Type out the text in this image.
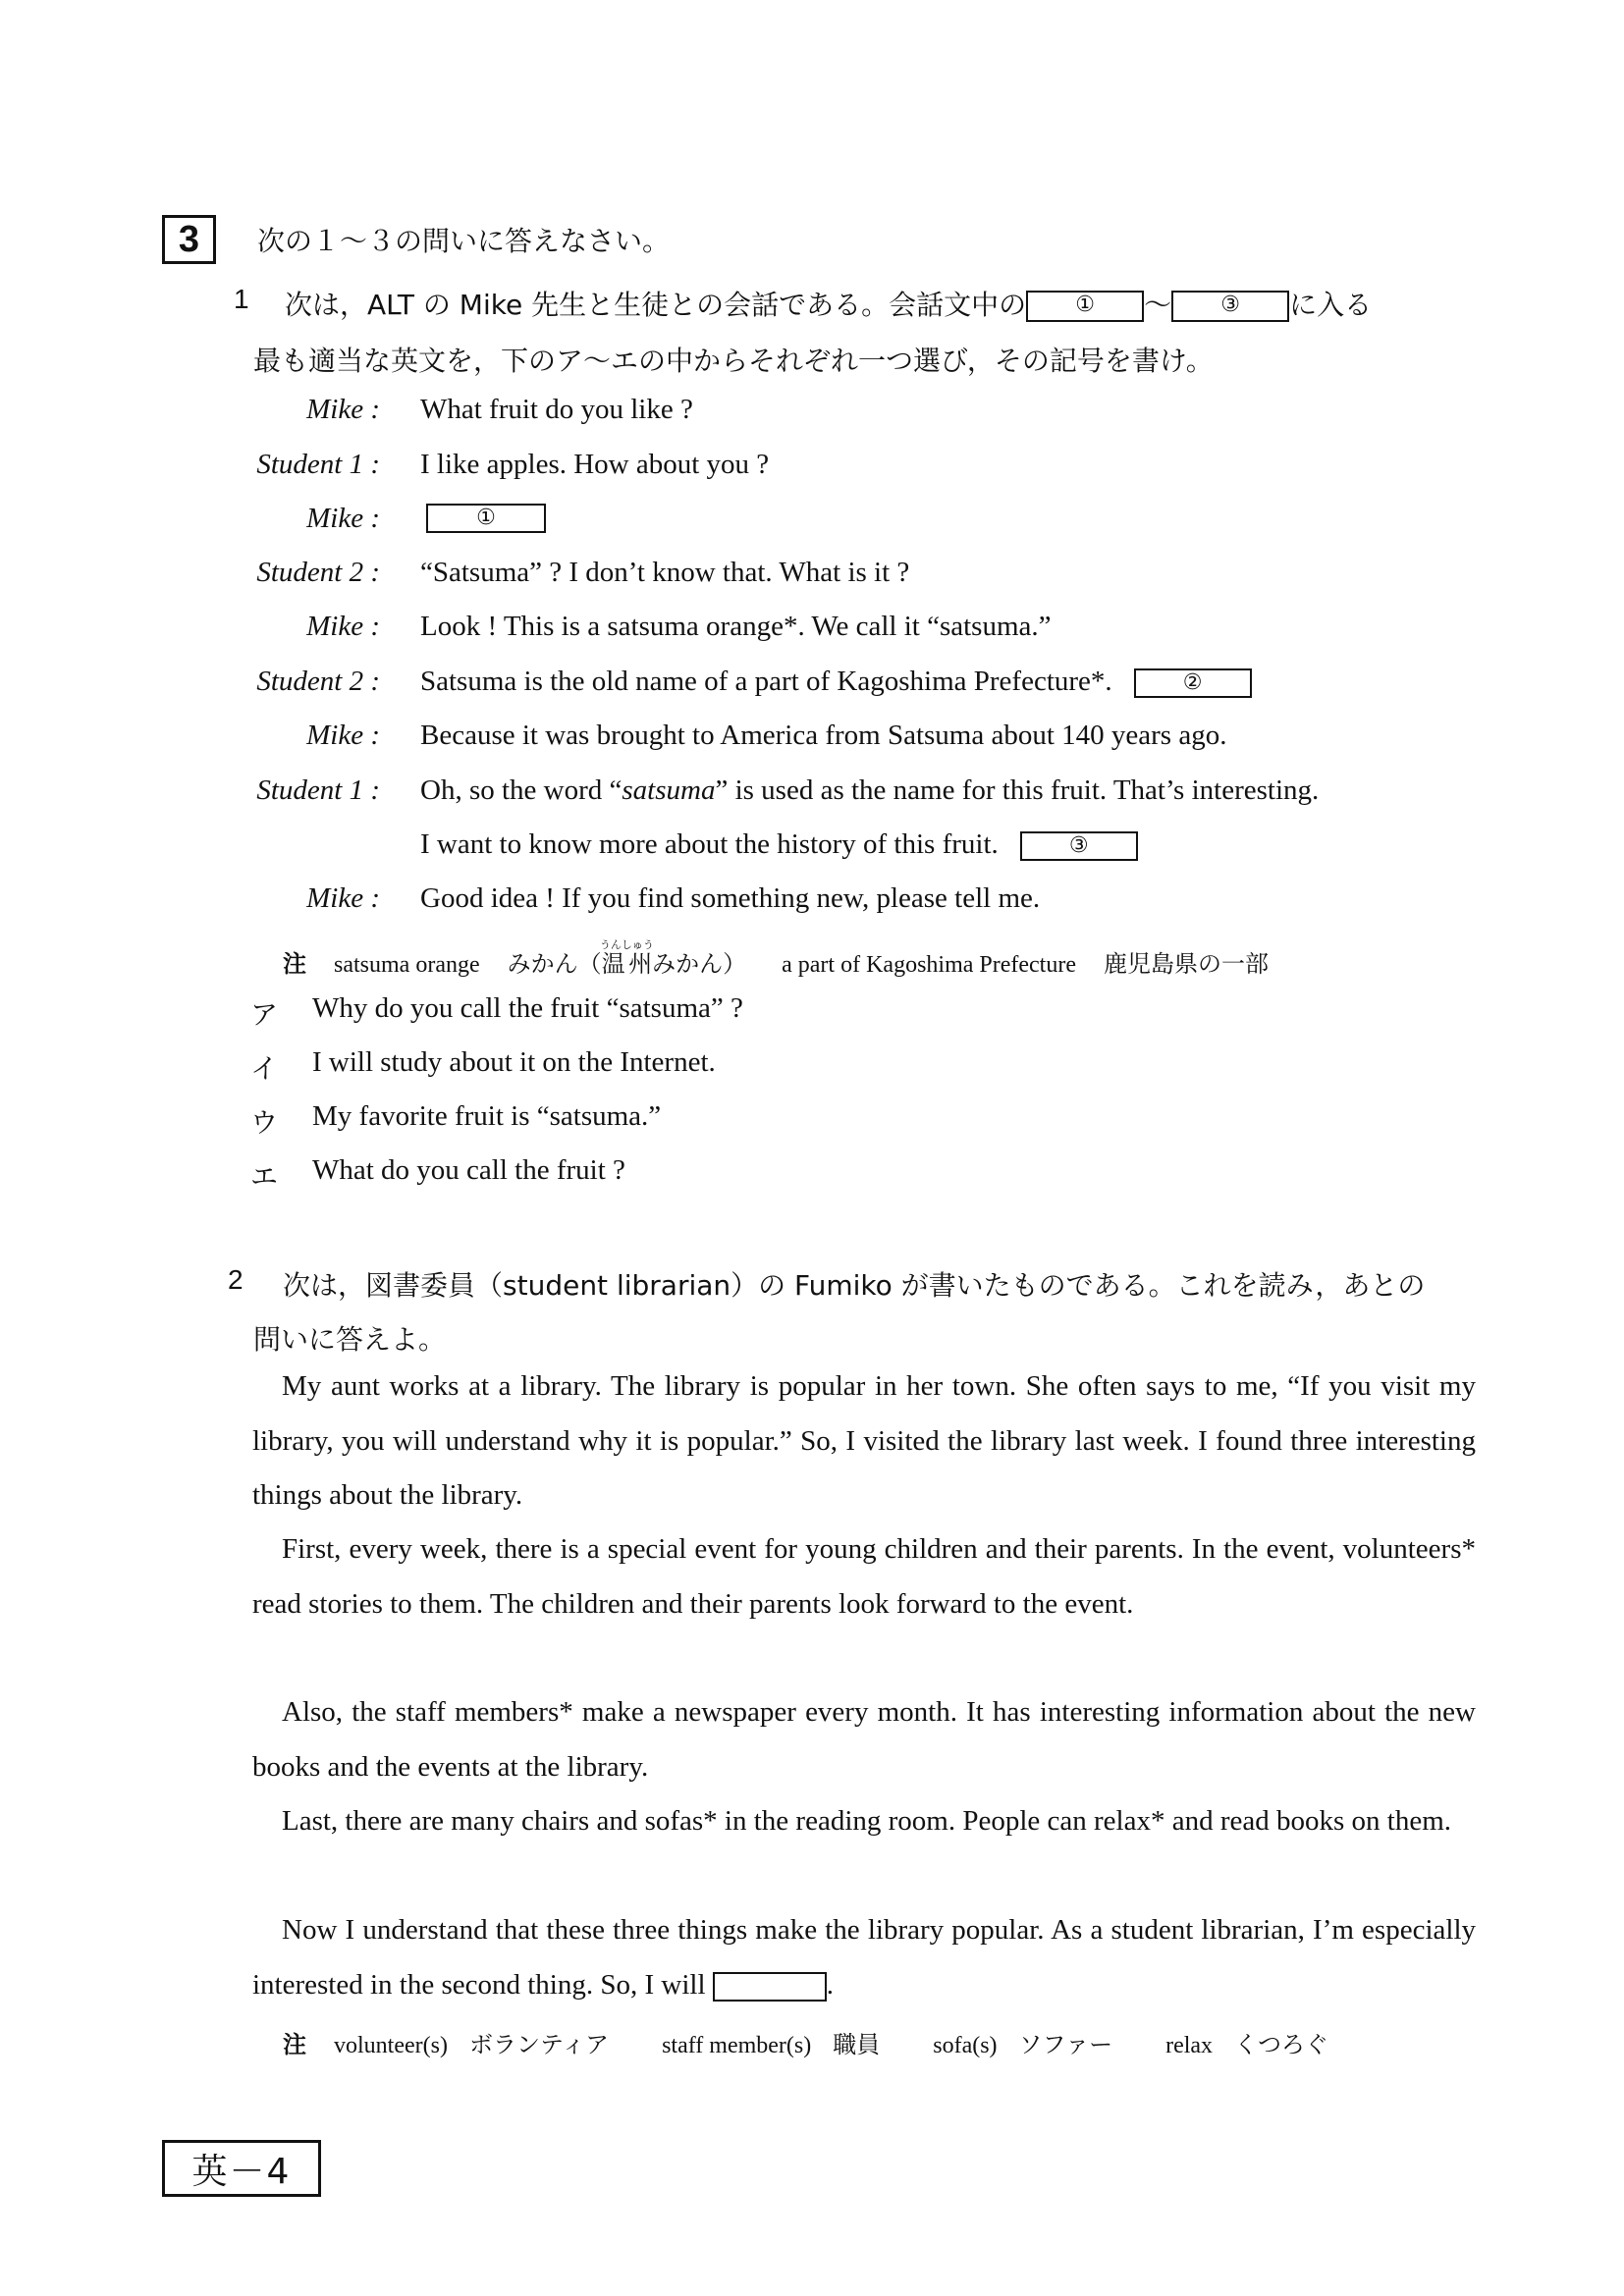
3 次の１～３の問いに答えなさい。
1 次は，ALT の Mike 先生と生徒との会話である。会話文中の ① ～ ③ に入る
最も適当な英文を，下のア～エの中からそれぞれ一つ選び，その記号を書け。
Mike : What fruit do you like ?
Student 1 : I like apples. How about you ?
Mike :	①
Student 2 : “Satsuma” ? I don’t know that. What is it ?
Mike : Look ! This is a satsuma orange*. We call it “satsuma.”
Student 2 : Satsuma is the old name of a part of Kagoshima Prefecture*.	②
Mike : Because it was brought to America from Satsuma about 140 years ago.
Student 1 : Oh, so the word “satsuma” is used as the name for this fruit. That’s interesting.
I want to know more about the history of this fruit.	③
Mike : Good idea ! If you find something new, please tell me.
注 satsuma orange みかん（温州うんしゅうみかん） a part of Kagoshima Prefecture 鹿児島県の一部
ア Why do you call the fruit “satsuma” ?
イ I will study about it on the Internet.
ウ My favorite fruit is “satsuma.”
エ What do you call the fruit ?
2 次は，図書委員（student librarian）の Fumiko が書いたものである。これを読み，あとの
問いに答えよ。
My aunt works at a library. The library is popular in her town. She often says to me, “If you visit my library, you will understand why it is popular.” So, I visited the library last week. I found three interesting things about the library.
First, every week, there is a special event for young children and their parents. In the event, volunteers* read stories to them. The children and their parents look forward to the event.
Also, the staff members* make a newspaper every month. It has interesting information about the new books and the events at the library.
Last, there are many chairs and sofas* in the reading room. People can relax* and read books on them.
Now I understand that these three things make the library popular. As a student librarian, I’m especially interested in the second thing. So, I will	.
注 volunteer(s) ボランティア staff member(s) 職員 sofa(s) ソファー relax くつろぐ
英－4
